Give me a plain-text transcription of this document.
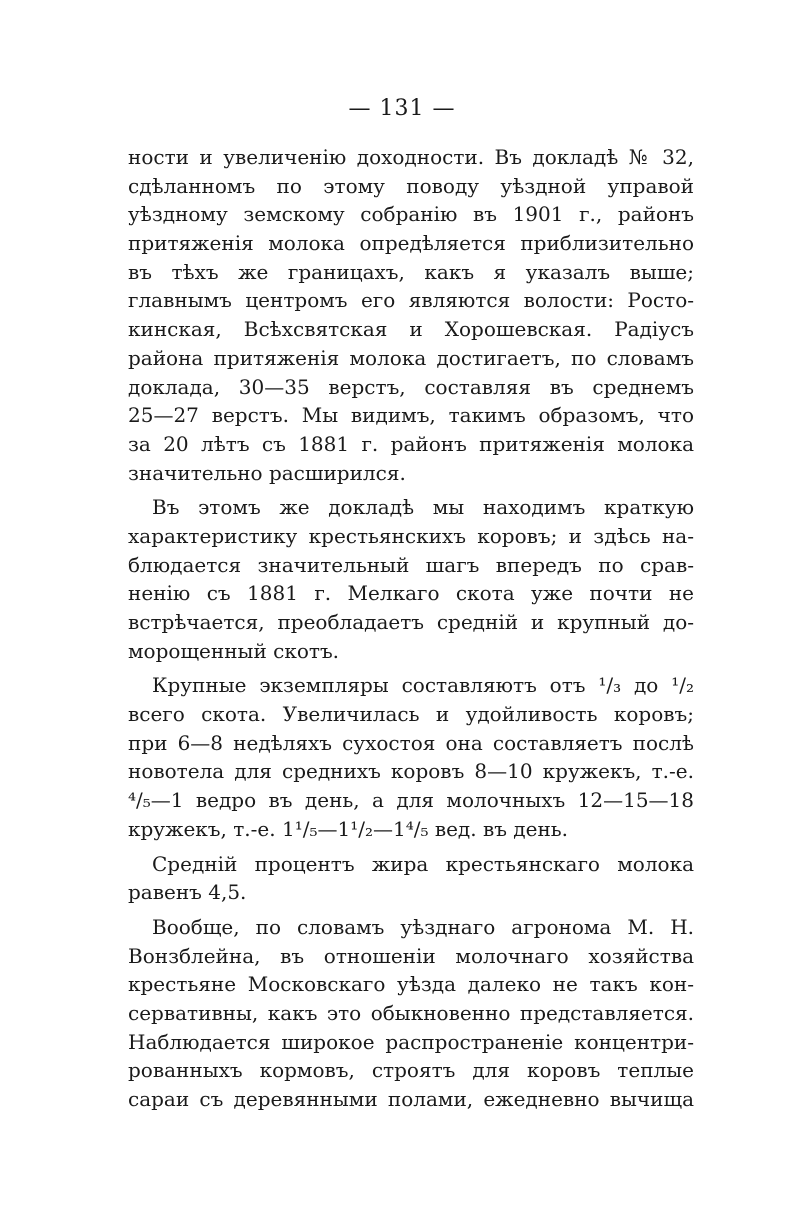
— 131 —
ности и увеличенію доходности. Въ докладѣ № 32,
сдѣланномъ по этому поводу уѣздной управой
уѣздному земскому собранію въ 1901 г., районъ
притяженія молока опредѣляется приблизительно
въ тѣхъ же границахъ, какъ я указалъ выше;
главнымъ центромъ его являются волости: Росто-
кинская, Всѣхсвятская и Хорошевская. Радіусъ
района притяженія молока достигаетъ, по словамъ
доклада, 30—35 верстъ, составляя въ среднемъ
25—27 верстъ. Мы видимъ, такимъ образомъ, что
за 20 лѣтъ съ 1881 г. районъ притяженія молока
значительно расширился.
Въ этомъ же докладѣ мы находимъ краткую
характеристику крестьянскихъ коровъ; и здѣсь на-
блюдается значительный шагъ впередъ по срав-
ненію съ 1881 г. Мелкаго скота уже почти не
встрѣчается, преобладаетъ средній и крупный до-
морощенный скотъ.
Крупные экземпляры составляютъ отъ ¹/₃ до ¹/₂
всего скота. Увеличилась и удойливость коровъ;
при 6—8 недѣляхъ сухостоя она составляетъ послѣ
новотела для среднихъ коровъ 8—10 кружекъ, т.-е.
⁴/₅—1 ведро въ день, а для молочныхъ 12—15—18
кружекъ, т.-е. 1¹/₅—1¹/₂—1⁴/₅ вед. въ день.
Средній процентъ жира крестьянскаго молока
равенъ 4,5.
Вообще, по словамъ уѣзднаго агронома М. Н.
Вонзблейна, въ отношеніи молочнаго хозяйства
крестьяне Московскаго уѣзда далеко не такъ кон-
сервативны, какъ это обыкновенно представляется.
Наблюдается широкое распространеніе концентри-
рованныхъ кормовъ, строятъ для коровъ теплые
сараи съ деревянными полами, ежедневно вычища
